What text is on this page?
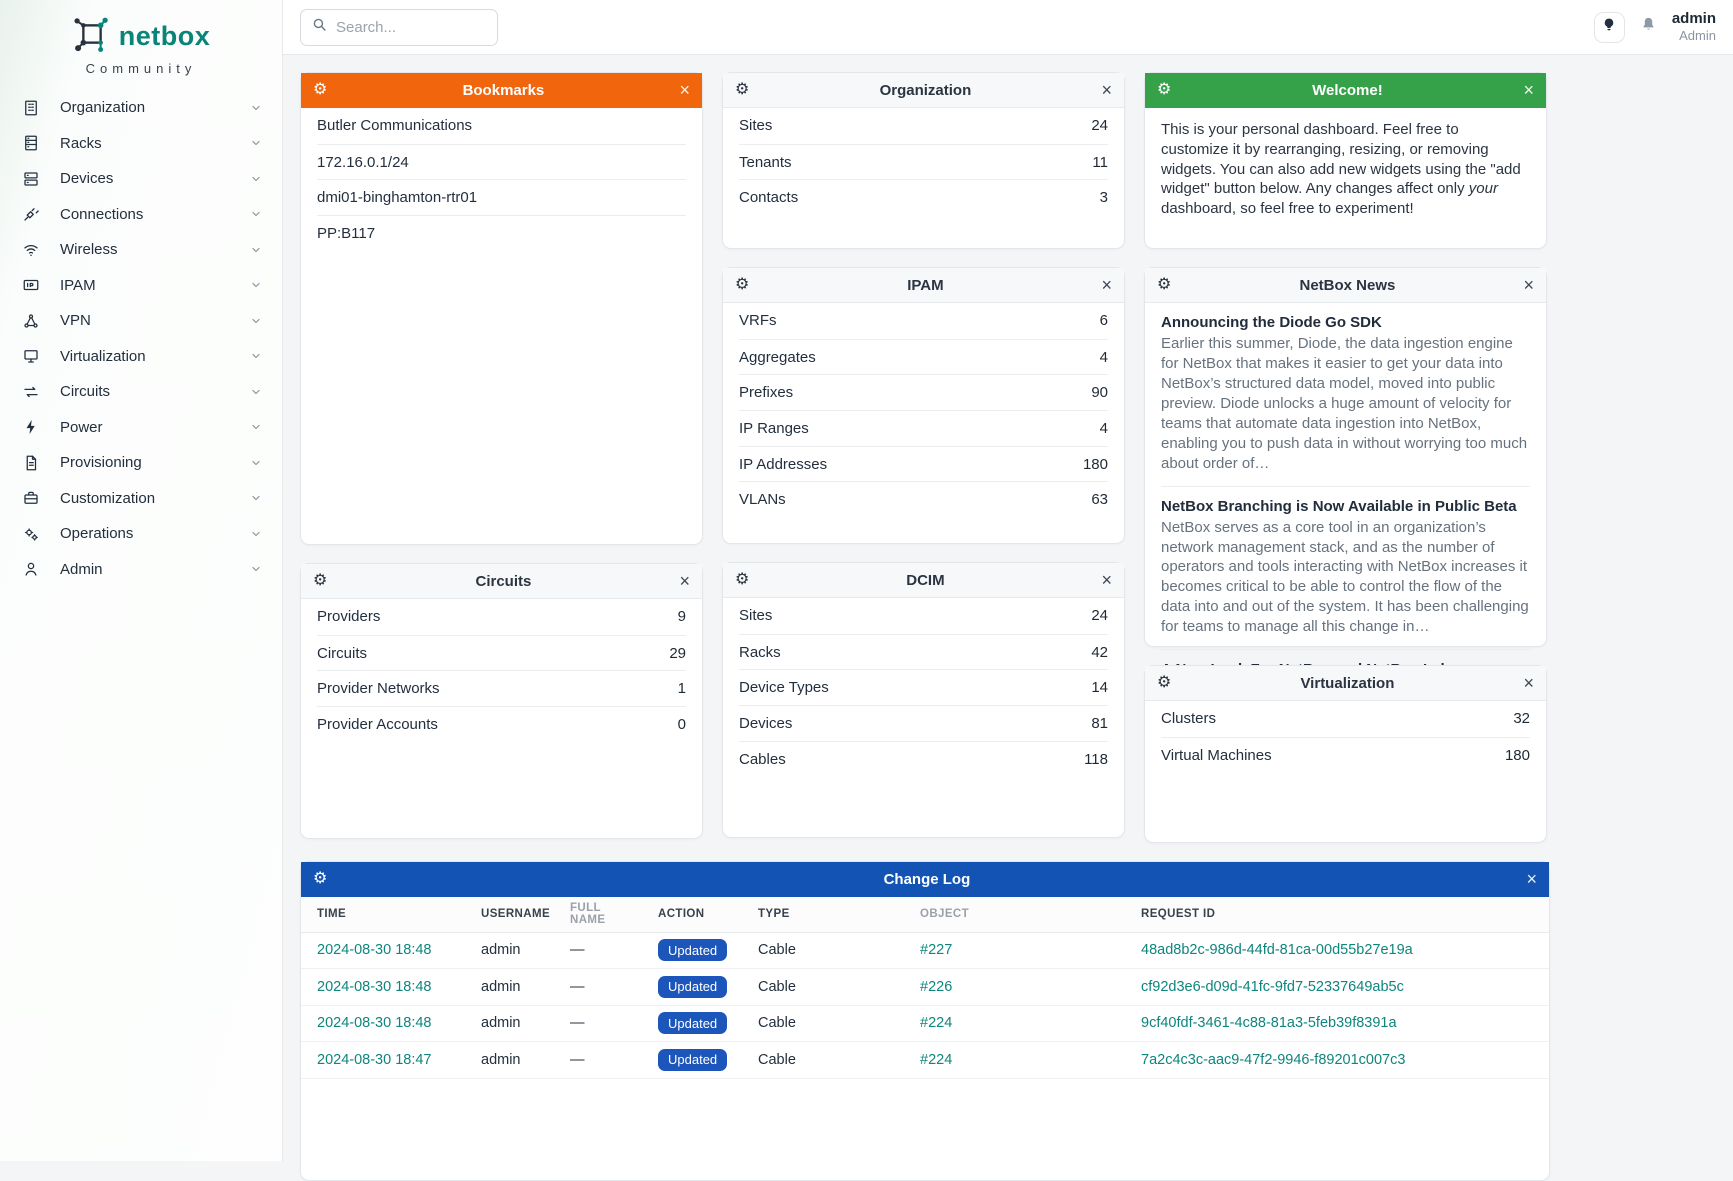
netbox
Community
Organization
Racks
Devices
Connections
Wireless
IPAM
VPN
Virtualization
Circuits
Power
Provisioning
Customization
Operations
Admin
Search...
admin
Admin
⚙	Bookmarks	×
Butler Communications
172.16.0.1/24
dmi01-binghamton-rtr01
PP:B117
⚙	Circuits	×
Providers	9
Circuits	29
Provider Networks	1
Provider Accounts	0
⚙	Organization	×
Sites	24
Tenants	11
Contacts	3
⚙	IPAM	×
VRFs	6
Aggregates	4
Prefixes	90
IP Ranges	4
IP Addresses	180
VLANs	63
⚙	DCIM	×
Sites	24
Racks	42
Device Types	14
Devices	81
Cables	118
⚙	Welcome!	×

This is your personal dashboard. Feel free to customize it by rearranging, resizing, or removing widgets. You can also add new widgets using the "add widget" button below. Any changes affect only your dashboard, so feel free to experiment!

⚙	NetBox News	×
Announcing the Diode Go SDK

Earlier this summer, Diode, the data ingestion engine for NetBox that makes it easier to get your data into NetBox’s structured data model, moved into public preview. Diode unlocks a huge amount of velocity for teams that automate data ingestion into NetBox, enabling you to push data in without worrying too much about order of…

NetBox Branching is Now Available in Public Beta

NetBox serves as a core tool in an organization’s network management stack, and as the number of operators and tools interacting with NetBox increases it becomes critical to be able to control the flow of the data into and out of the system. It has been challenging for teams to manage all this change in…

⚙	Virtualization	×
Clusters	32
Virtual Machines	180
⚙	Change Log	×
TIME	USERNAME	FULL NAME	ACTION	TYPE	OBJECT	REQUEST ID
2024-08-30 18:48	admin	—	Updated	Cable	#227	48ad8b2c-986d-44fd-81ca-00d55b27e19a
2024-08-30 18:48	admin	—	Updated	Cable	#226	cf92d3e6-d09d-41fc-9fd7-52337649ab5c
2024-08-30 18:48	admin	—	Updated	Cable	#224	9cf40fdf-3461-4c88-81a3-5feb39f8391a
2024-08-30 18:47	admin	—	Updated	Cable	#224	7a2c4c3c-aac9-47f2-9946-f89201c007c3
